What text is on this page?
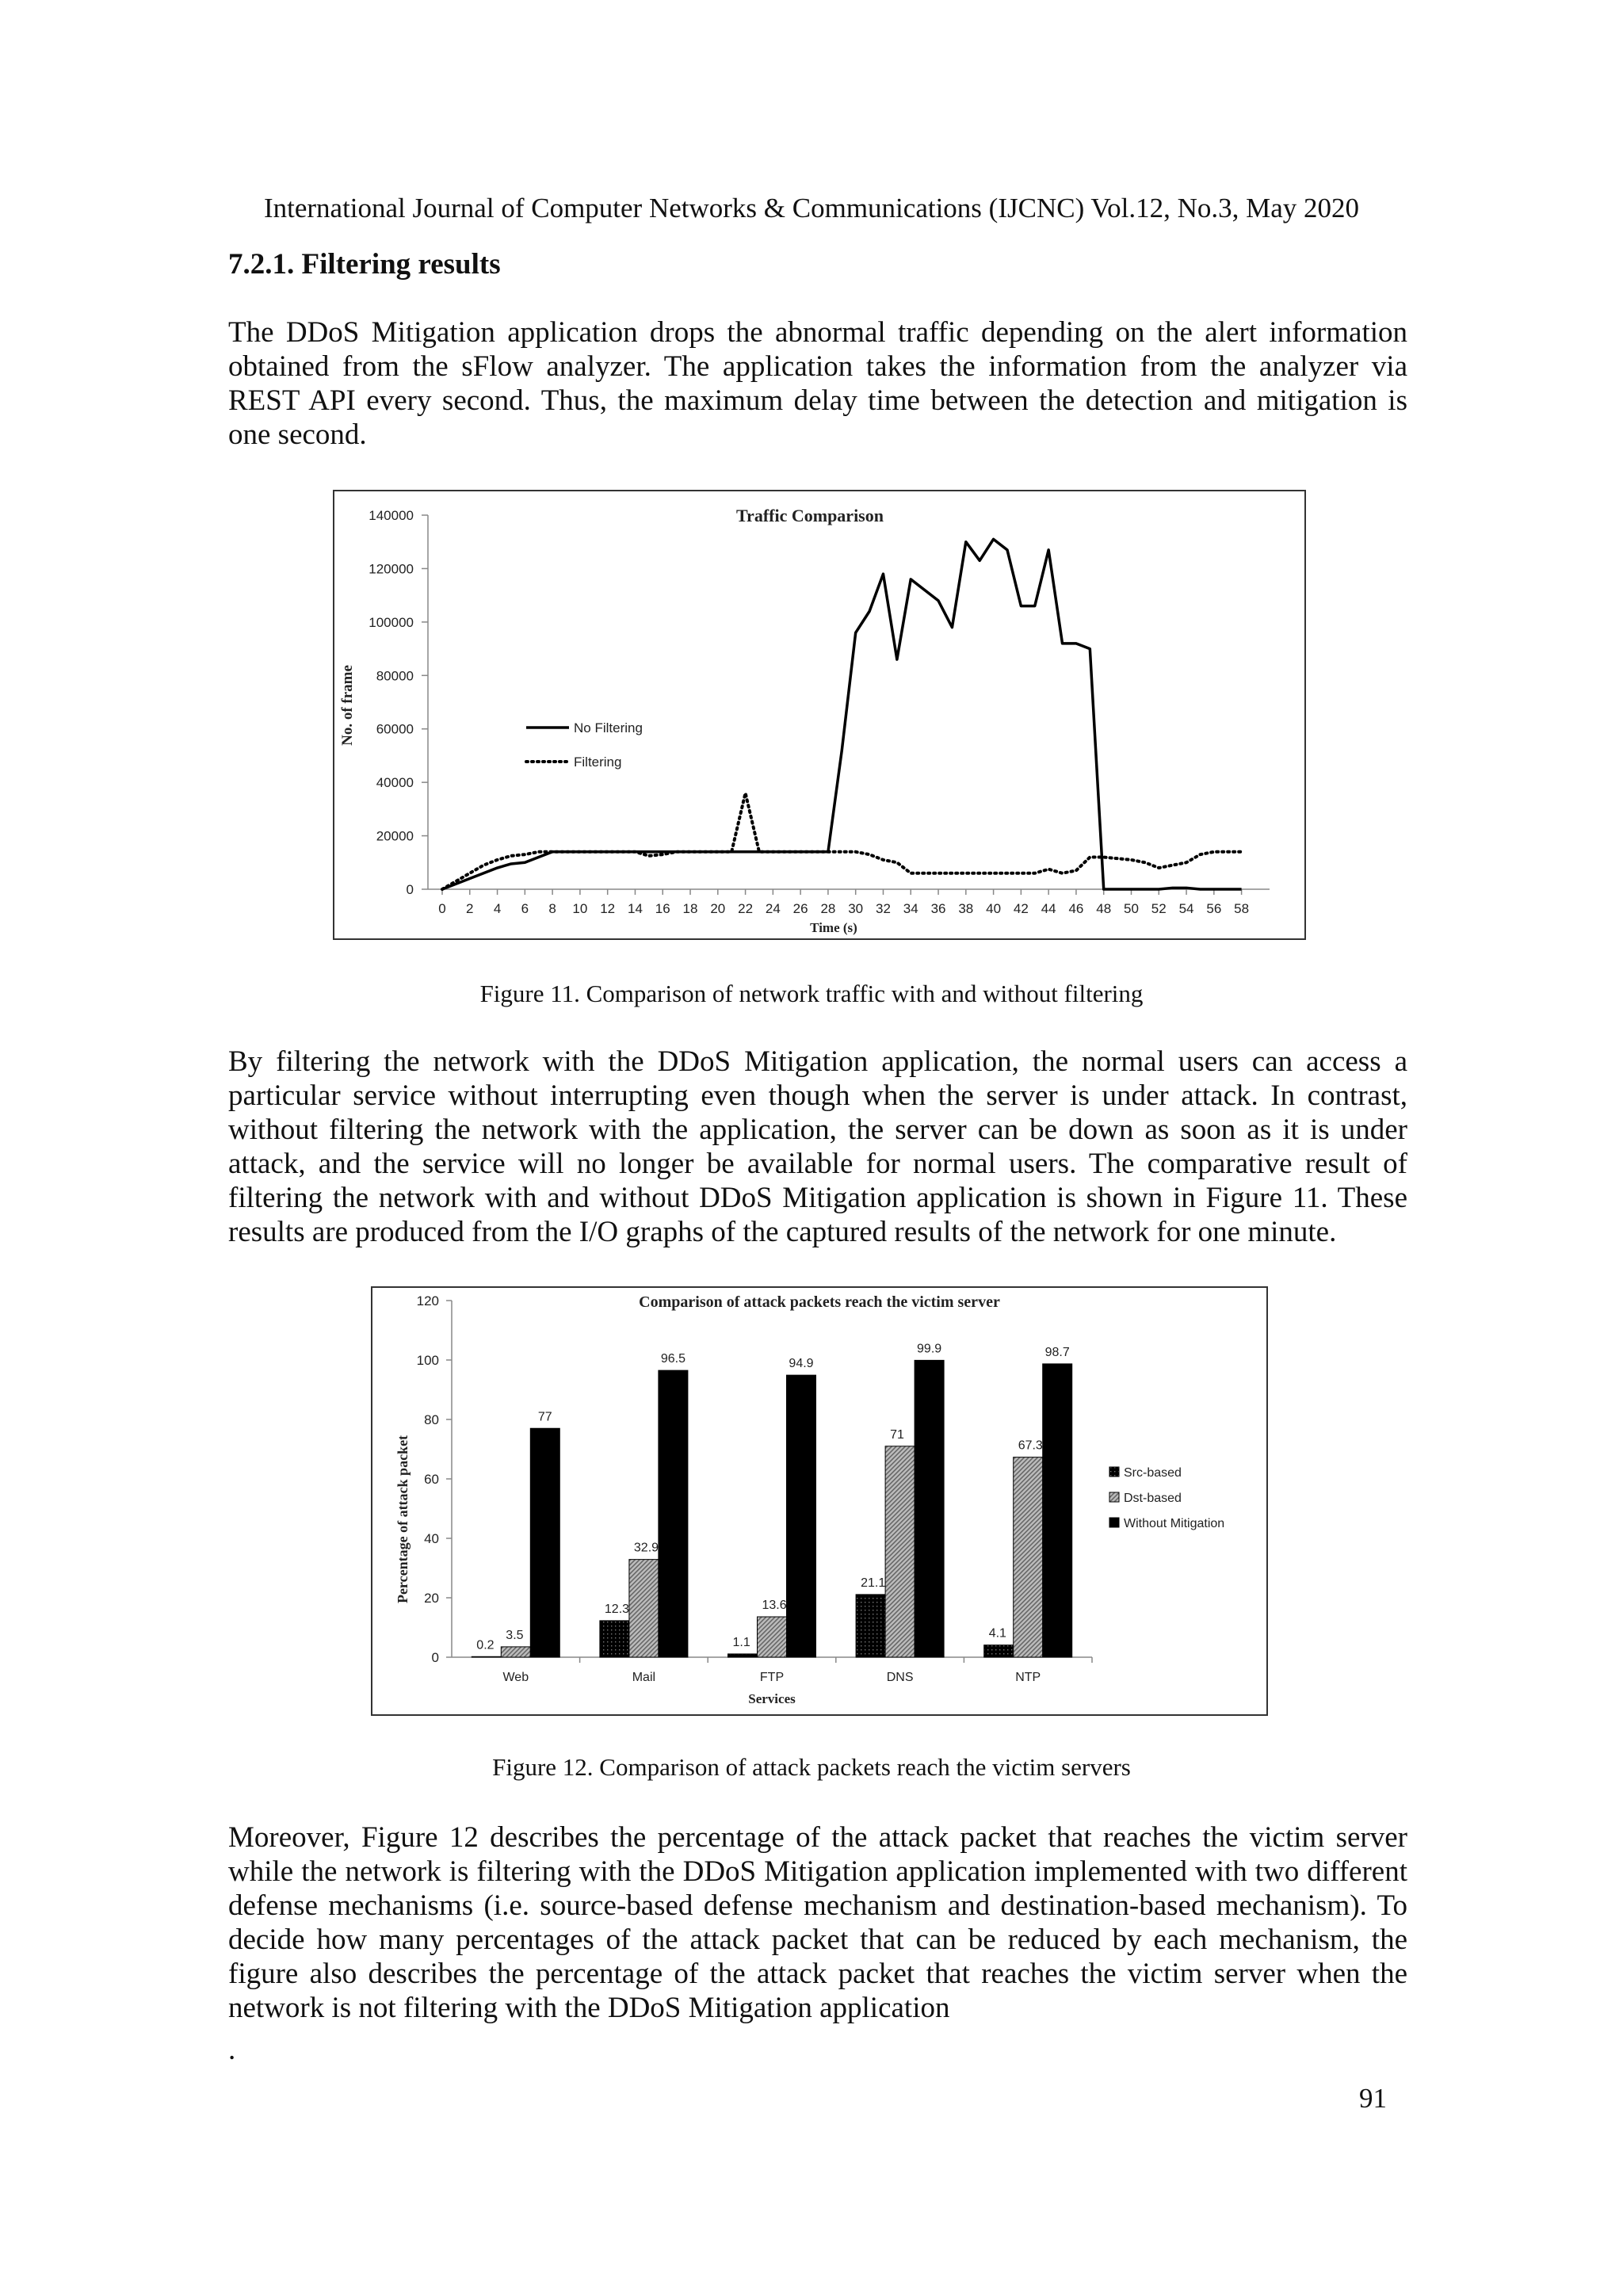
International Journal of Computer Networks & Communications (IJCNC) Vol.12, No.3, May 2020
7.2.1. Filtering results

The DDoS Mitigation application drops the abnormal traffic depending on the alert information obtained from the sFlow analyzer. The application takes the information from the analyzer via REST API every second. Thus, the maximum delay time between the detection and mitigation is one second.

0
20000
40000
60000
80000
100000
120000
140000
0 2 4 6 8 10 12 14 16 18 20 22 24 26 28 30 32 34 36 38 40 42 44 46 48 50 52 54 56 58
Traffic Comparison
Time (s)
No. of frame	No Filtering
Filtering
Figure 11. Comparison of network traffic with and without filtering

By filtering the network with the DDoS Mitigation application, the normal users can access a particular service without interrupting even though when the server is under attack. In contrast, without filtering the network with the application, the server can be down as soon as it is under attack, and the service will no longer be available for normal users. The comparative result of filtering the network with and without DDoS Mitigation application is shown in Figure 11. These results are produced from the I/O graphs of the captured results of the network for one minute.

0
20
40
60
80
100
120
Web
0.2
3.5
77
Mail
12.3
32.9
96.5
FTP
1.1
13.6
94.9
DNS
21.1
71
99.9
NTP
4.1
67.3
98.7
Comparison of attack packets reach the victim server
Services
Percentage of attack packet	Src-based
Dst-based
Without Mitigation
Figure 12. Comparison of attack packets reach the victim servers

Moreover, Figure 12 describes the percentage of the attack packet that reaches the victim server while the network is filtering with the DDoS Mitigation application implemented with two different defense mechanisms (i.e. source-based defense mechanism and destination-based mechanism). To decide how many percentages of the attack packet that can be reduced by each mechanism, the figure also describes the percentage of the attack packet that reaches the victim server when the network is not filtering with the DDoS Mitigation application

.
91
